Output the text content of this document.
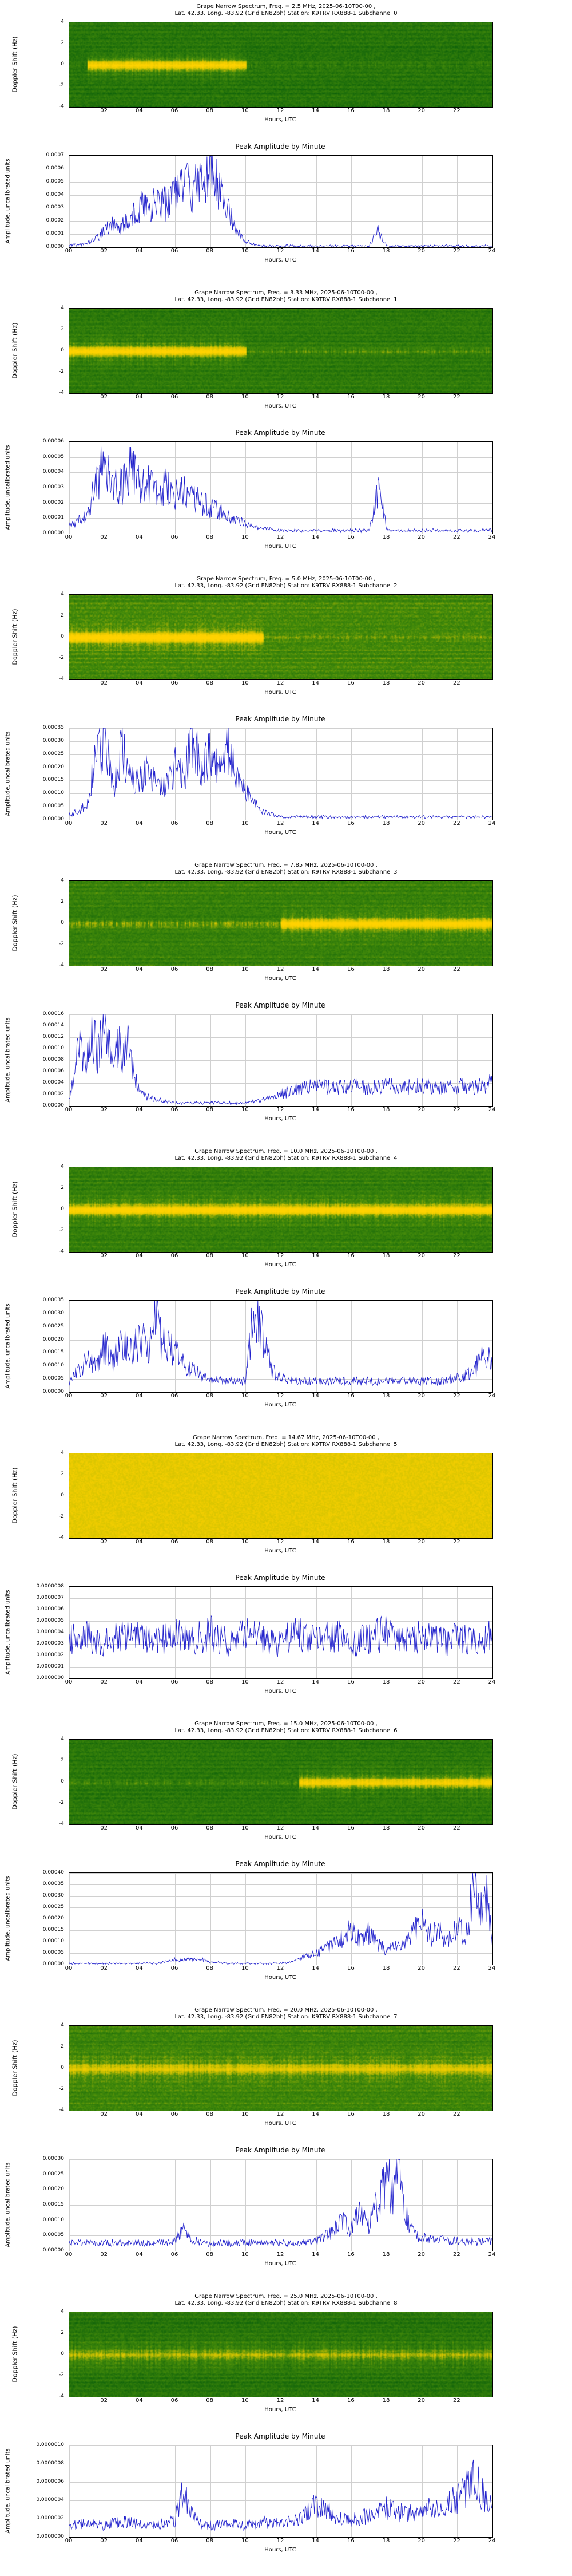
Grape Narrow Spectrum, Freq. = 2.5 MHz, 2025-06-10T00-00 ,
Lat. 42.33, Long. -83.92 (Grid EN82bh) Station: K9TRV RX888-1 Subchannel 0
Doppler Shift (Hz)
4
2
0
-2
-4
02	04	06	08	10	12	14	16	18	20	22
Hours, UTC
Peak Amplitude by Minute
Amplitude, uncalibrated units
0.0000
0.0001
0.0002
0.0003
0.0004
0.0005
0.0006
0.0007
00	02	04	06	08	10	12	14	16	18	20	22	24
Hours, UTC
Grape Narrow Spectrum, Freq. = 3.33 MHz, 2025-06-10T00-00 ,
Lat. 42.33, Long. -83.92 (Grid EN82bh) Station: K9TRV RX888-1 Subchannel 1
Doppler Shift (Hz)
4
2
0
-2
-4
02	04	06	08	10	12	14	16	18	20	22
Hours, UTC
Peak Amplitude by Minute
Amplitude, uncalibrated units
0.00000
0.00001
0.00002
0.00003
0.00004
0.00005
0.00006
00	02	04	06	08	10	12	14	16	18	20	22	24
Hours, UTC
Grape Narrow Spectrum, Freq. = 5.0 MHz, 2025-06-10T00-00 ,
Lat. 42.33, Long. -83.92 (Grid EN82bh) Station: K9TRV RX888-1 Subchannel 2
Doppler Shift (Hz)
4
2
0
-2
-4
02	04	06	08	10	12	14	16	18	20	22
Hours, UTC
Peak Amplitude by Minute
Amplitude, uncalibrated units
0.00000
0.00005
0.00010
0.00015
0.00020
0.00025
0.00030
0.00035
00	02	04	06	08	10	12	14	16	18	20	22	24
Hours, UTC
Grape Narrow Spectrum, Freq. = 7.85 MHz, 2025-06-10T00-00 ,
Lat. 42.33, Long. -83.92 (Grid EN82bh) Station: K9TRV RX888-1 Subchannel 3
Doppler Shift (Hz)
4
2
0
-2
-4
02	04	06	08	10	12	14	16	18	20	22
Hours, UTC
Peak Amplitude by Minute
Amplitude, uncalibrated units
0.00000
0.00002
0.00004
0.00006
0.00008
0.00010
0.00012
0.00014
0.00016
00	02	04	06	08	10	12	14	16	18	20	22	24
Hours, UTC
Grape Narrow Spectrum, Freq. = 10.0 MHz, 2025-06-10T00-00 ,
Lat. 42.33, Long. -83.92 (Grid EN82bh) Station: K9TRV RX888-1 Subchannel 4
Doppler Shift (Hz)
4
2
0
-2
-4
02	04	06	08	10	12	14	16	18	20	22
Hours, UTC
Peak Amplitude by Minute
Amplitude, uncalibrated units
0.00000
0.00005
0.00010
0.00015
0.00020
0.00025
0.00030
0.00035
00	02	04	06	08	10	12	14	16	18	20	22	24
Hours, UTC
Grape Narrow Spectrum, Freq. = 14.67 MHz, 2025-06-10T00-00 ,
Lat. 42.33, Long. -83.92 (Grid EN82bh) Station: K9TRV RX888-1 Subchannel 5
Doppler Shift (Hz)
4
2
0
-2
-4
02	04	06	08	10	12	14	16	18	20	22
Hours, UTC
Peak Amplitude by Minute
Amplitude, uncalibrated units
0.0000000
0.0000001
0.0000002
0.0000003
0.0000004
0.0000005
0.0000006
0.0000007
0.0000008
00	02	04	06	08	10	12	14	16	18	20	22	24
Hours, UTC
Grape Narrow Spectrum, Freq. = 15.0 MHz, 2025-06-10T00-00 ,
Lat. 42.33, Long. -83.92 (Grid EN82bh) Station: K9TRV RX888-1 Subchannel 6
Doppler Shift (Hz)
4
2
0
-2
-4
02	04	06	08	10	12	14	16	18	20	22
Hours, UTC
Peak Amplitude by Minute
Amplitude, uncalibrated units
0.00000
0.00005
0.00010
0.00015
0.00020
0.00025
0.00030
0.00035
0.00040
00	02	04	06	08	10	12	14	16	18	20	22	24
Hours, UTC
Grape Narrow Spectrum, Freq. = 20.0 MHz, 2025-06-10T00-00 ,
Lat. 42.33, Long. -83.92 (Grid EN82bh) Station: K9TRV RX888-1 Subchannel 7
Doppler Shift (Hz)
4
2
0
-2
-4
02	04	06	08	10	12	14	16	18	20	22
Hours, UTC
Peak Amplitude by Minute
Amplitude, uncalibrated units
0.00000
0.00005
0.00010
0.00015
0.00020
0.00025
0.00030
00	02	04	06	08	10	12	14	16	18	20	22	24
Hours, UTC
Grape Narrow Spectrum, Freq. = 25.0 MHz, 2025-06-10T00-00 ,
Lat. 42.33, Long. -83.92 (Grid EN82bh) Station: K9TRV RX888-1 Subchannel 8
Doppler Shift (Hz)
4
2
0
-2
-4
02	04	06	08	10	12	14	16	18	20	22
Hours, UTC
Peak Amplitude by Minute
Amplitude, uncalibrated units
0.0000000
0.0000002
0.0000004
0.0000006
0.0000008
0.0000010
00	02	04	06	08	10	12	14	16	18	20	22	24
Hours, UTC
